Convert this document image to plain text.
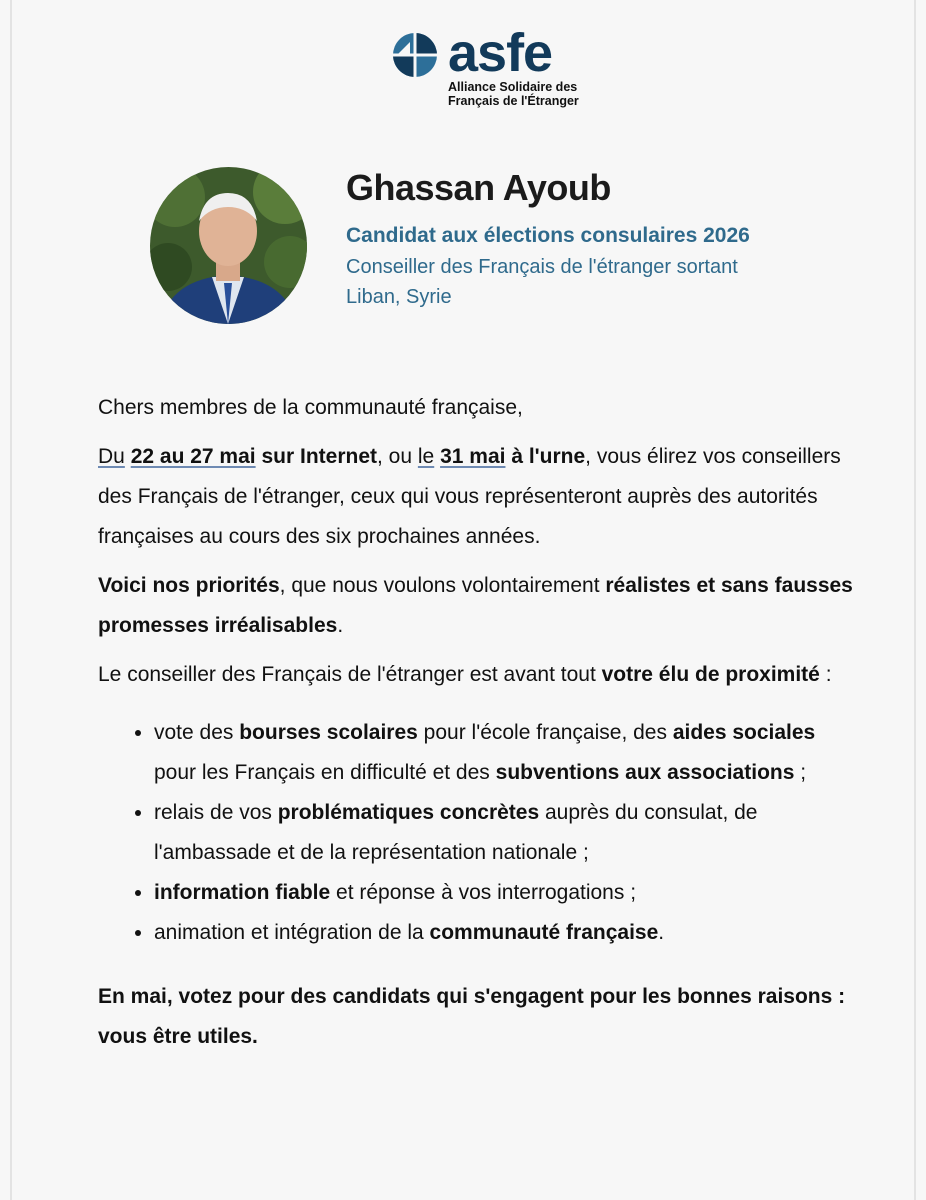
asfe
Alliance Solidaire des
Français de l'Étranger
Ghassan Ayoub
Candidat aux élections consulaires 2026
Conseiller des Français de l'étranger sortant
Liban, Syrie

Chers membres de la communauté française,

Du 22 au 27 mai sur Internet, ou le 31 mai à l'urne, vous élirez vos conseillers des Français de l'étranger, ceux qui vous représenteront auprès des autorités françaises au cours des six prochaines années.

Voici nos priorités, que nous voulons volontairement réalistes et sans fausses promesses irréalisables.

Le conseiller des Français de l'étranger est avant tout votre élu de proximité :

• vote des bourses scolaires pour l'école française, des aides sociales pour les Français en difficulté et des subventions aux associations ;
• relais de vos problématiques concrètes auprès du consulat, de l'ambassade et de la représentation nationale ;
• information fiable et réponse à vos interrogations ;
• animation et intégration de la communauté française.

En mai, votez pour des candidats qui s'engagent pour les bonnes raisons : vous être utiles.
